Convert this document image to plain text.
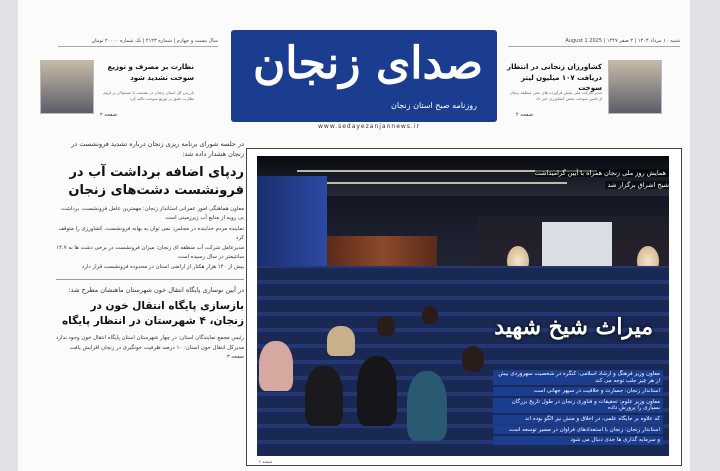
سال بیست و چهارم | شماره ۴۱۲۳ | تک شماره ۲۰۰۰۰ تومان	شنبه ۱۰ مرداد ۱۴۰۴ | ۲ صفر ۱۴۴۷ | 2025 August 1
نظارت بر مصرف و توزیع سوخت تشدید شود
بازرس کل استان زنجان در نشست با مسئولان بر لزوم نظارت دقیق بر توزیع سوخت تاکید کرد
صفحه ۲
صدای زنجان
روزنامه صبح استان زنجان
www.sedayezanjannews.ir
کشاورزان زنجانی در انتظار دریافت ۱۰۷ میلیون لیتر سوخت
مدیر شرکت ملی پخش فرآورده های نفتی منطقه زنجان از تامین سوخت بخش کشاورزی خبر داد
صفحه ۴
در جلسه شورای برنامه ریزی زنجان درباره تشدید فرونشست در زنجان هشدار داده شد:
ردپای اضافه برداشت آب در فرونشست دشت‌های زنجان

معاون هماهنگی امور عمرانی استاندار زنجان: مهمترین عامل فرونشست، برداشت بی رویه از منابع آب زیرزمینی است

نماینده مردم خدابنده در مجلس: نمی توان به بهانه فرونشست، کشاورزی را متوقف کرد

مدیرعامل شرکت آب منطقه ای زنجان: میزان فرونشست در برخی دشت ها به ۱۴.۷ سانتیمتر در سال رسیده است

بیش از ۱۴۰ هزار هکتار از اراضی استان در محدوده فرونشست قرار دارد

در آیین نوسازی پایگاه انتقال خون شهرستان ماهنشان مطرح شد:
بازسازی پایگاه انتقال خون در زنجان، ۴ شهرستان در انتظار پایگاه

رئیس مجمع نمایندگان استان: در چهار شهرستان استان پایگاه انتقال خون وجود ندارد

مدیرکل انتقال خون استان: ۱۰ درصد ظرفیت خونگیری در زنجان افزایش یافت

صفحه ۳
همایش روز ملی زنجان همراه با آیین گرامیداشت شیخ اشراق برگزار شد
میراث شیخ شهید
معاون وزیر فرهنگ و ارشاد اسلامی: کنگره در شخصیت سهروردی بیش از هر چیز جلب توجه می کند
استاندار زنجان: جسارت و خلاقیت در سپهر جهانی است
معاون وزیر علوم: تحقیقات و فناوری زنجان در طول تاریخ بزرگان بسیاری را پرورش داده
که علاوه بر جایگاه علمی، در اخلاق و منش نیز الگو بوده اند
استاندار زنجان: زنجان با استعدادهای فراوان در مسیر توسعه است
و سرمایه گذاری ها جدی دنبال می شود
صفحه ۲
